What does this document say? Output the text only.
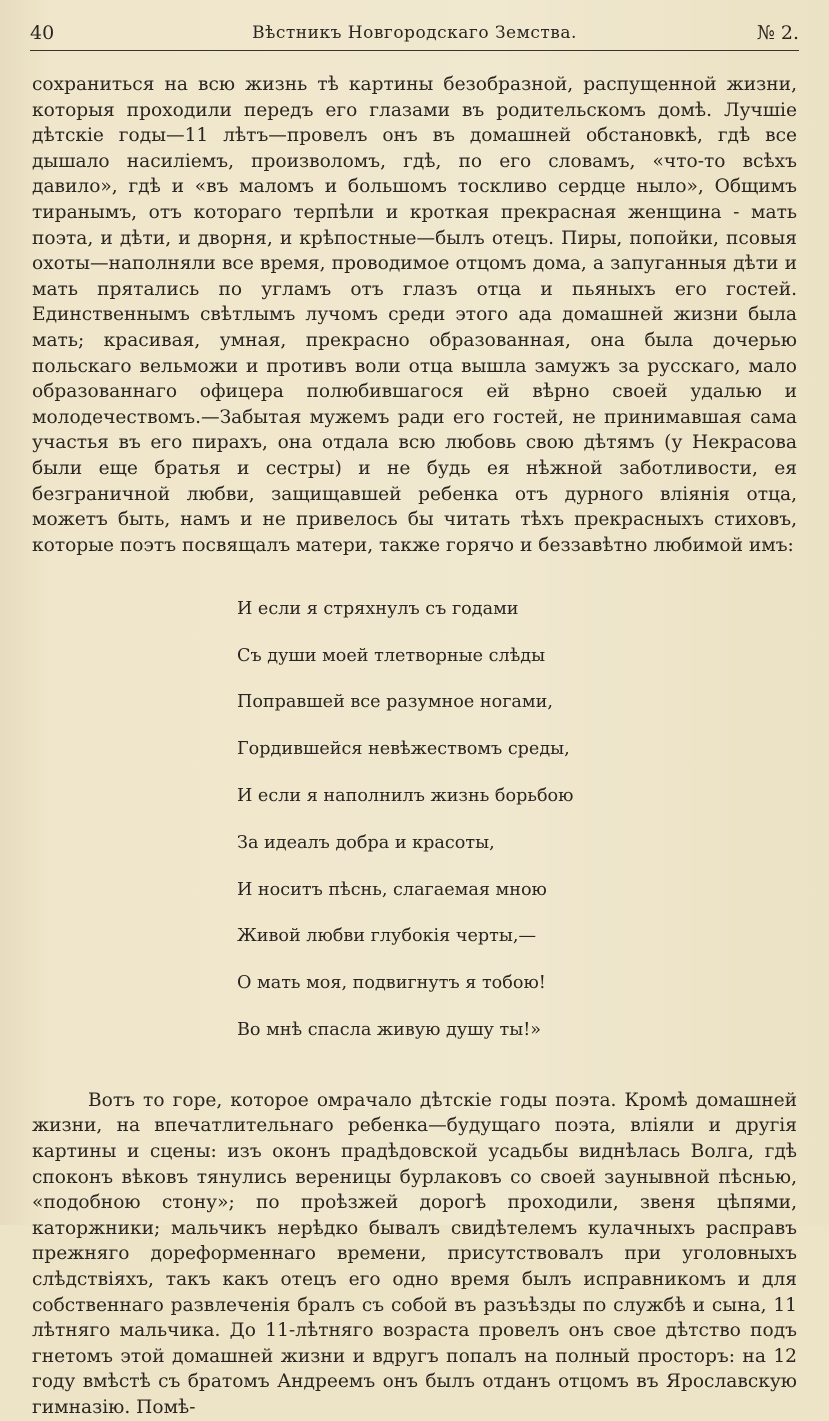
40	Вѣстникъ Новгородскаго Земства.	№ 2.

сохраниться на всю жизнь тѣ картины безобразной, распущенной жизни, которыя проходили передъ его глазами въ родительскомъ домѣ. Лучшіе дѣтскіе годы—11 лѣтъ—провелъ онъ въ домашней обстановкѣ, гдѣ все дышало насиліемъ, произволомъ, гдѣ, по его словамъ, «что-то всѣхъ давило», гдѣ и «въ маломъ и большомъ тоскливо сердце ныло», Общимъ тиранымъ, отъ котораго терпѣли и кроткая прекрасная женщина - мать поэта, и дѣти, и дворня, и крѣпостные—былъ отецъ. Пиры, попойки, псовыя охоты—наполняли все время, проводимое отцомъ дома, а запуганныя дѣти и мать прятались по угламъ отъ глазъ отца и пьяныхъ его гостей. Единственнымъ свѣтлымъ лучомъ среди этого ада домашней жизни была мать; красивая, умная, прекрасно образованная, она была дочерью польскаго вельможи и противъ воли отца вышла замужъ за русскаго, мало образованнаго офицера полюбившагося ей вѣрно своей удалью и молодечествомъ.—Забытая мужемъ ради его гостей, не принимавшая сама участья въ его пирахъ, она отдала всю любовь свою дѣтямъ (у Некрасова были еще братья и сестры) и не будь ея нѣжной заботливости, ея безграничной любви, защищавшей ребенка отъ дурного вліянія отца, можетъ быть, намъ и не привелось бы читать тѣхъ прекрасныхъ стиховъ, которые поэтъ посвящалъ матери, также горячо и беззавѣтно любимой имъ:

И если я стряхнулъ съ годами

Съ души моей тлетворные слѣды

Поправшей все разумное ногами,

Гордившейся невѣжествомъ среды,

И если я наполнилъ жизнь борьбою

За идеалъ добра и красоты,

И носитъ пѣснь, слагаемая мною

Живой любви глубокія черты,—

О мать моя, подвигнутъ я тобою!

Во мнѣ спасла живую душу ты!»

Вотъ то горе, которое омрачало дѣтскіе годы поэта. Кромѣ домашней жизни, на впечатлительнаго ребенка—будущаго поэта, вліяли и другія картины и сцены: изъ оконъ прадѣдовской усадьбы виднѣлась Волга, гдѣ споконъ вѣковъ тянулись вереницы бурлаковъ со своей заунывной пѣснью, «подобною стону»; по проѣзжей дорогѣ проходили, звеня цѣпями, каторжники; мальчикъ нерѣдко бывалъ свидѣтелемъ кулачныхъ расправъ прежняго дореформеннаго времени, присутствовалъ при уголовныхъ слѣдствіяхъ, такъ какъ отецъ его одно время былъ исправникомъ и для собственнаго развлеченія бралъ съ собой въ разъѣзды по службѣ и сына, 11 лѣтняго мальчика. До 11-лѣтняго возраста провелъ онъ свое дѣтство подъ гнетомъ этой домашней жизни и вдругъ попалъ на полный просторъ: на 12 году вмѣстѣ съ братомъ Андреемъ онъ былъ отданъ отцомъ въ Ярославскую гимназію. Помѣ-
